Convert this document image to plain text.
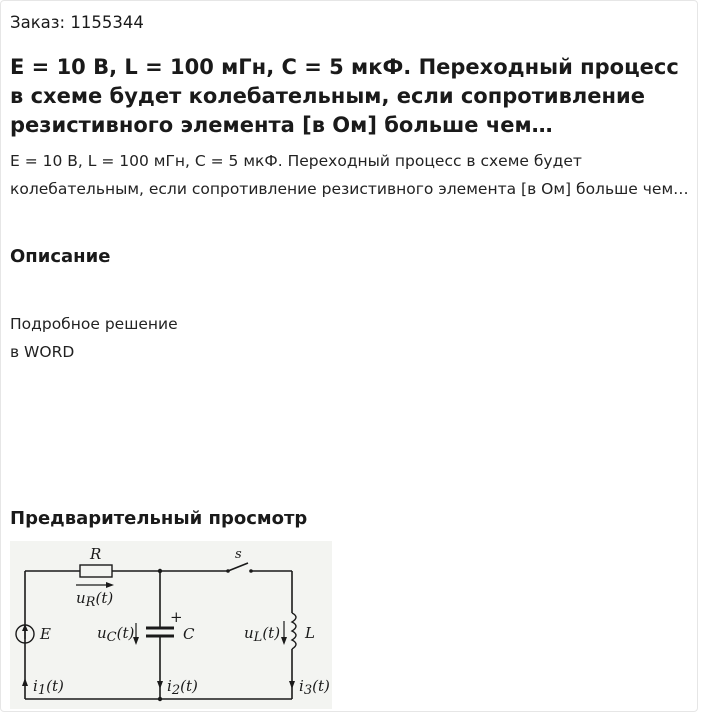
Заказ: 1155344
E = 10 В, L = 100 мГн, C = 5 мкФ. Переходный процесс в схеме будет колебательным, если сопротивление резистивного элемента [в Ом] больше чем…
E = 10 В, L = 100 мГн, C = 5 мкФ. Переходный процесс в схеме будет колебательным, если сопротивление резистивного элемента [в Ом] больше чем…
Описание
Подробное решение
в WORD
Предварительный просмотр
R	s
uR(t)
E	uC(t)
+
C	uL(t) L
i1(t)	i2(t)	i3(t)
